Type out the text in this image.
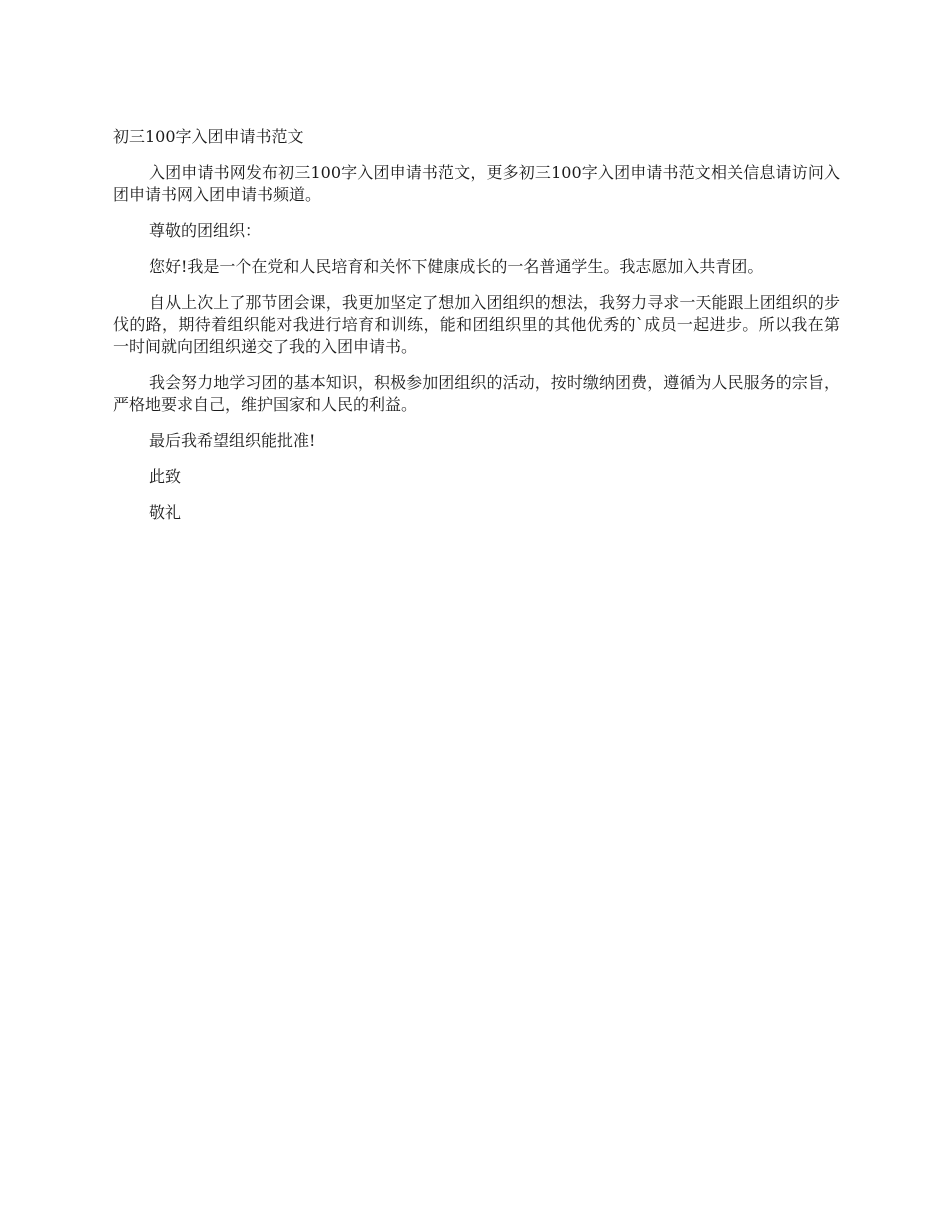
初三100字入团申请书范文

入团申请书网发布初三100字入团申请书范文，更多初三100字入团申请书范文相关信息请访问入团申请书网入团申请书频道。

尊敬的团组织：

您好!我是一个在党和人民培育和关怀下健康成长的一名普通学生。我志愿加入共青团。

自从上次上了那节团会课，我更加坚定了想加入团组织的想法，我努力寻求一天能跟上团组织的步伐的路，期待着组织能对我进行培育和训练，能和团组织里的其他优秀的`成员一起进步。所以我在第一时间就向团组织递交了我的入团申请书。

我会努力地学习团的基本知识，积极参加团组织的活动，按时缴纳团费，遵循为人民服务的宗旨，严格地要求自己，维护国家和人民的利益。

最后我希望组织能批准!

此致

敬礼
